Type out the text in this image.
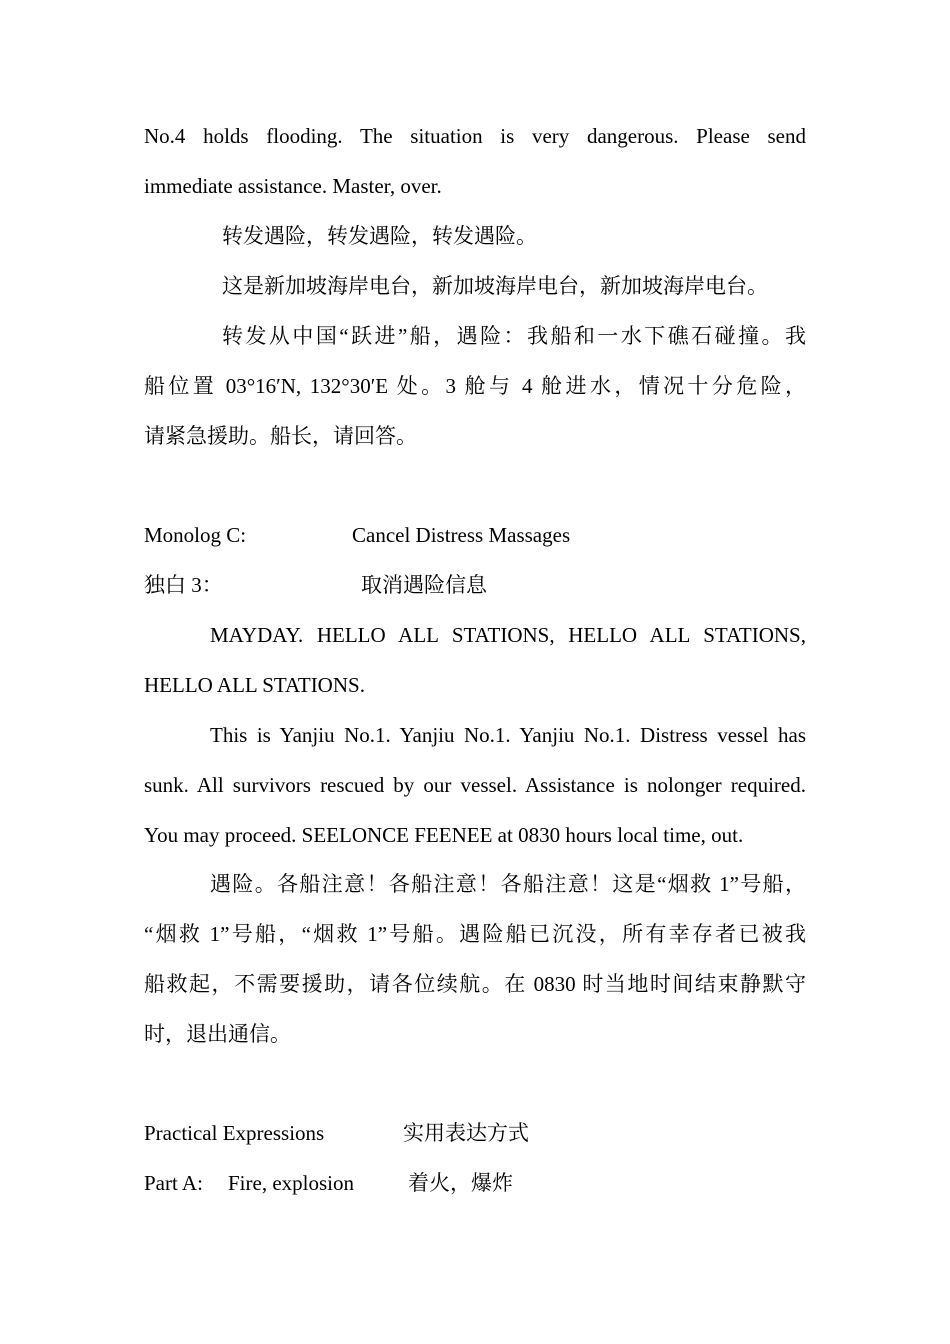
No.4 holds flooding. The situation is very dangerous. Please send
immediate assistance. Master, over.
转发遇险，转发遇险，转发遇险。
这是新加坡海岸电台，新加坡海岸电台，新加坡海岸电台。
转发从中国“跃进”船，遇险：我船和一水下礁石碰撞。我
船位置 03°16′N, 132°30′E 处。3 舱与 4 舱进水，情况十分危险，
请紧急援助。船长，请回答。
Monolog C:	Cancel Distress Massages
独白 3：	取消遇险信息
MAYDAY. HELLO ALL STATIONS, HELLO ALL STATIONS,
HELLO ALL STATIONS.
This is Yanjiu No.1. Yanjiu No.1. Yanjiu No.1. Distress vessel has
sunk. All survivors rescued by our vessel. Assistance is nolonger required.
You may proceed. SEELONCE FEENEE at 0830 hours local time, out.
遇险。各船注意！各船注意！各船注意！这是“烟救 1”号船，
“烟救 1”号船，“烟救 1”号船。遇险船已沉没，所有幸存者已被我
船救起，不需要援助，请各位续航。在 0830 时当地时间结束静默守
时，退出通信。
Practical Expressions	实用表达方式
Part A: Fire, explosion	着火，爆炸
